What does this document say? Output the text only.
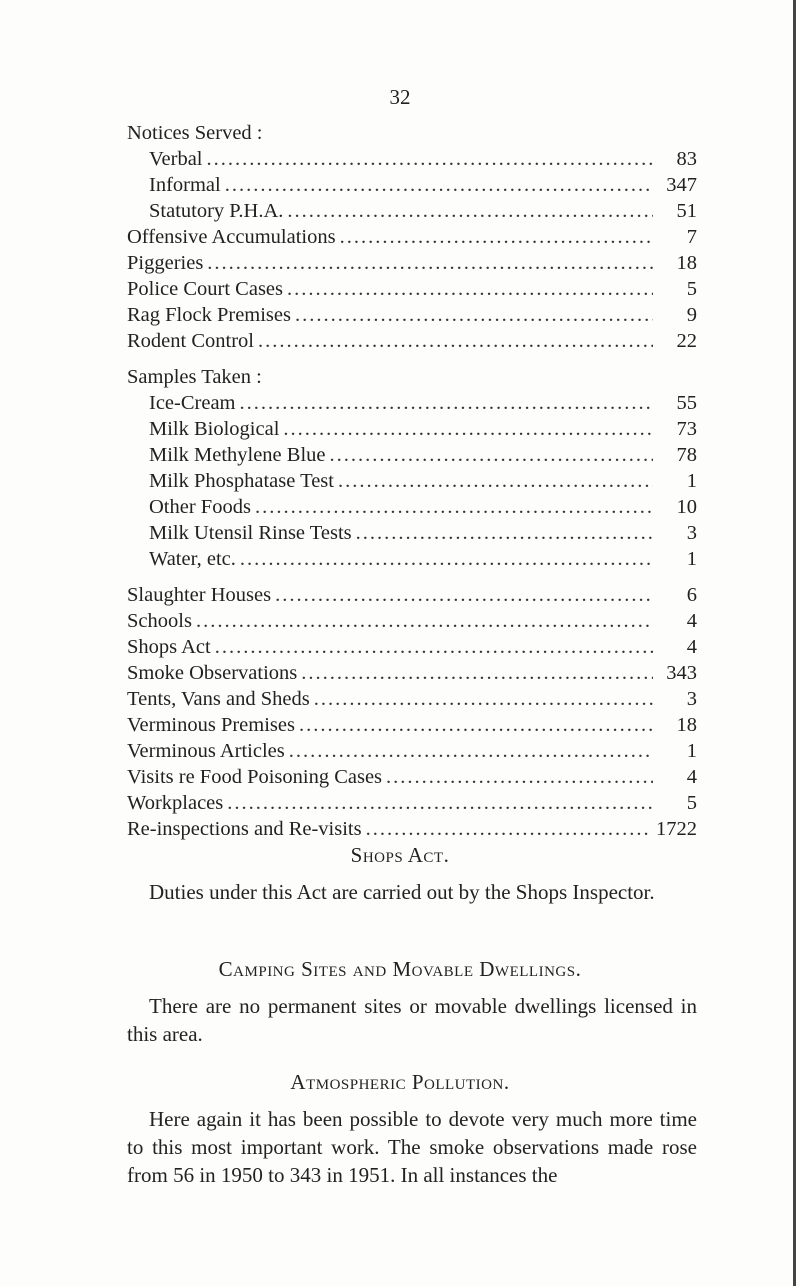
32
Notices Served :
Verbal .....	83
Informal .....	347
Statutory P.H.A. .....	51
Offensive Accumulations .....	7
Piggeries .....	18
Police Court Cases .....	5
Rag Flock Premises .....	9
Rodent Control .....	22
Samples Taken :
Ice-Cream .....	55
Milk Biological .....	73
Milk Methylene Blue .....	78
Milk Phosphatase Test .....	1
Other Foods .....	10
Milk Utensil Rinse Tests .....	3
Water, etc. .....	1
Slaughter Houses .....	6
Schools .....	4
Shops Act .....	4
Smoke Observations .....	343
Tents, Vans and Sheds .....	3
Verminous Premises .....	18
Verminous Articles .....	1
Visits re Food Poisoning Cases .....	4
Workplaces .....	5
Re-inspections and Re-visits .....	1722
Shops Act.
Duties under this Act are carried out by the Shops Inspector.
Camping Sites and Movable Dwellings.
There are no permanent sites or movable dwellings licensed in this area.
Atmospheric Pollution.
Here again it has been possible to devote very much more time to this most important work. The smoke observations made rose from 56 in 1950 to 343 in 1951. In all instances the
